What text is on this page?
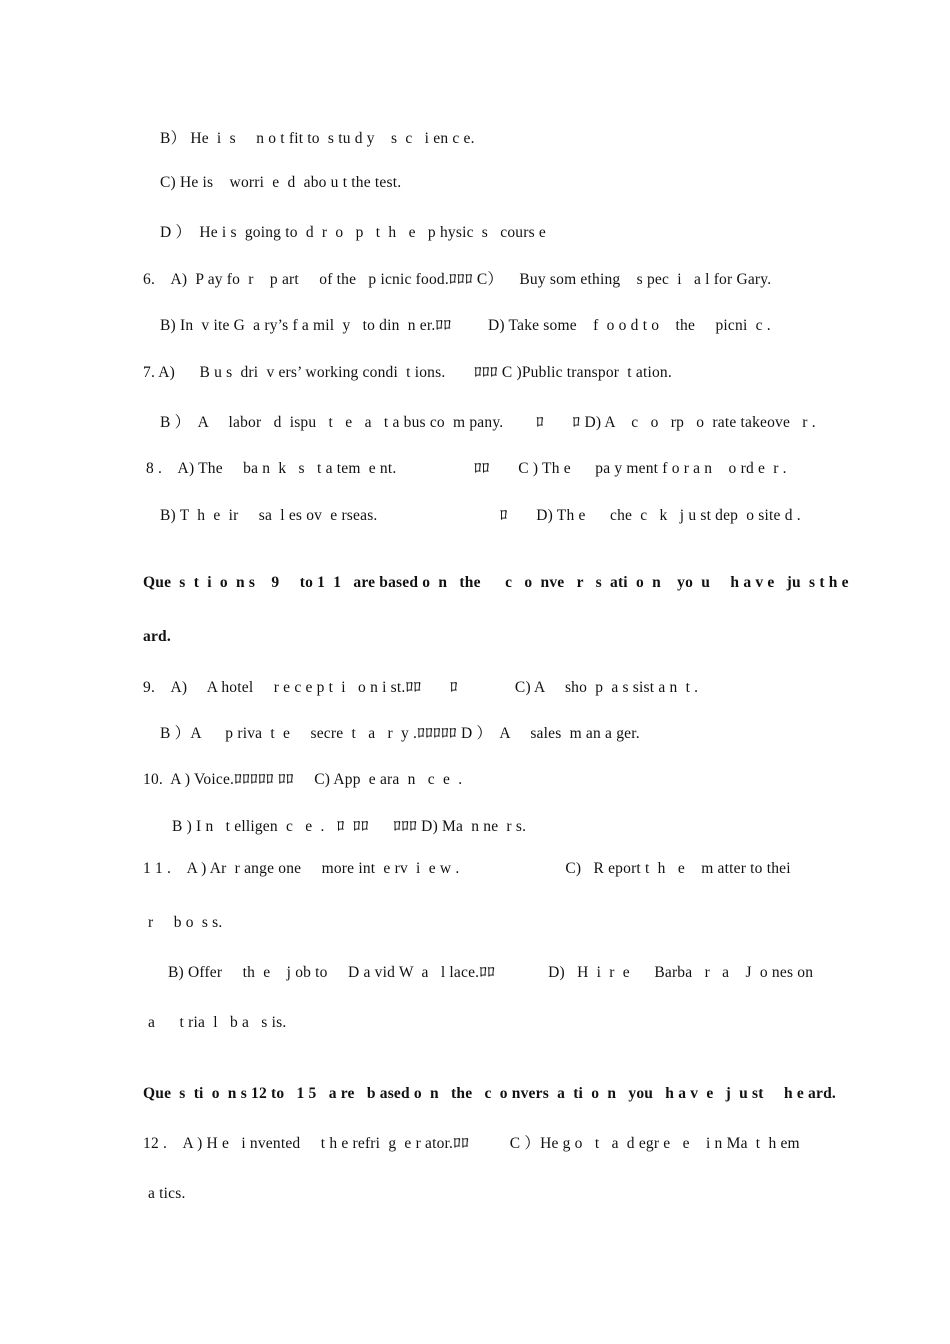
B） He  i  s     n o t fit to  s tu d y    s  c   i en c e.
C) He is    worri  e  d  abo u t the test.
D ）  He i s  going to  d  r  o   p   t  h   e   p hysic  s   cours e
6.    A)  P ay fo  r    p art     of the   p icnic food.ﾛﾛﾛ C）    Buy som ething    s pec  i   a l for Gary.
B) In  v ite G  a ry’s f a mil  y   to din  n er.ﾛﾛ         D) Take some    f  o o d t o    the     picni  c .
7. A)      B u s  dri  v ers’ working condi  t ions.       ﾛﾛﾛ C )Public transpor  t ation.
B ）  A     labor   d  ispu   t   e   a   t a bus co  m pany.        ﾛ       ﾛ D) A    c   o   rp   o  rate takeove   r .
8 .    A) The     ba n  k   s   t a tem  e nt.                   ﾛﾛ       C ) Th e      pa y ment f o r a n    o rd e  r .
B) T  h  e  ir     sa  l es ov  e rseas.                              ﾛ       D) Th e      che  c   k   j u st dep  o site d .
Que  s  t  i  o  n s    9     to 1  1   are based o  n   the      c   o  nve   r   s  ati  o  n    yo  u     h a v e   ju  s t h e
ard.
9.    A)     A hotel     r e c e p t  i   o n i st.ﾛﾛ       ﾛ              C) A     sho  p  a s sist a n  t .
B ）A      p riva  t  e     secre  t   a   r  y .ﾛﾛﾛﾛﾛ D ）  A     sales  m an a ger.
10.  A ) Voice.ﾛﾛﾛﾛﾛ ﾛﾛ     C) App  e ara  n   c  e  .
B ) I n   t elligen  c   e  .   ﾛ  ﾛﾛ      ﾛﾛﾛ D) Ma  n ne  r s.
1 1 .    A ) Ar  r ange one     more int  e rv  i  e w .                          C)   R eport t  h   e    m atter to thei
r     b o  s s.
B) Offer     th  e    j ob to     D a vid W  a   l lace.ﾛﾛ             D)   H  i  r  e      Barba   r   a    J  o nes on
a      t ria  l   b a   s is.
Que  s  ti  o  n s 12 to   1 5   a re   b ased o  n   the   c  o nvers  a  ti  o  n   you   h a v  e   j  u st     h e ard.
12 .    A ) H e   i nvented     t h e refri  g  e r ator.ﾛﾛ          C ）He g o   t   a  d egr e   e    i n Ma  t  h em
a tics.
